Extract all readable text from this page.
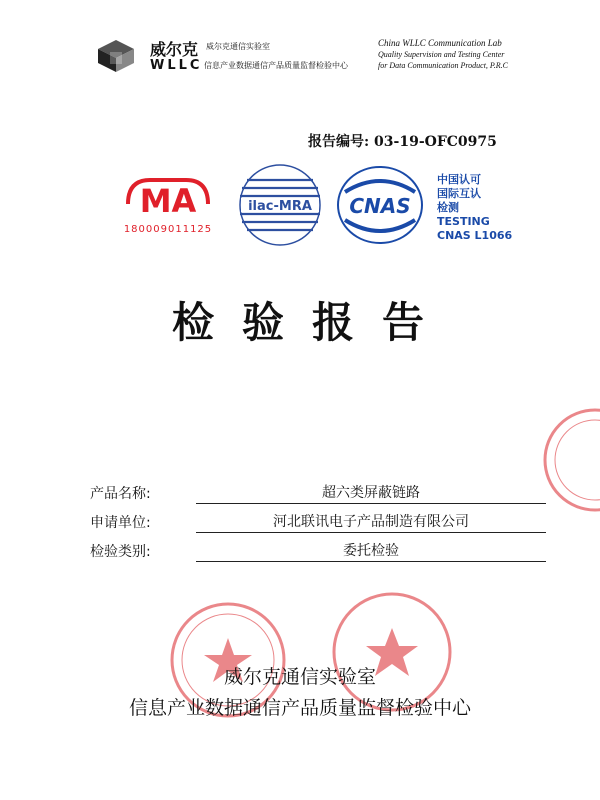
威尔克 威尔克通信实验室
WLLC 信息产业数据通信产品质量监督检验中心
China WLLC Communication Lab
Quality Supervision and Testing Center
for Data Communication Product, P.R.C
报告编号: 03-19-OFC0975
MA
180009011125
ilac-MRA CNAS
中国认可
国际互认
检测
TESTING
CNAS L1066
检验报告
产品名称:	超六类屏蔽链路
申请单位:	河北联讯电子产品制造有限公司
检验类别:	委托检验
威尔克通信实验室
信息产业数据通信产品质量监督检验中心
